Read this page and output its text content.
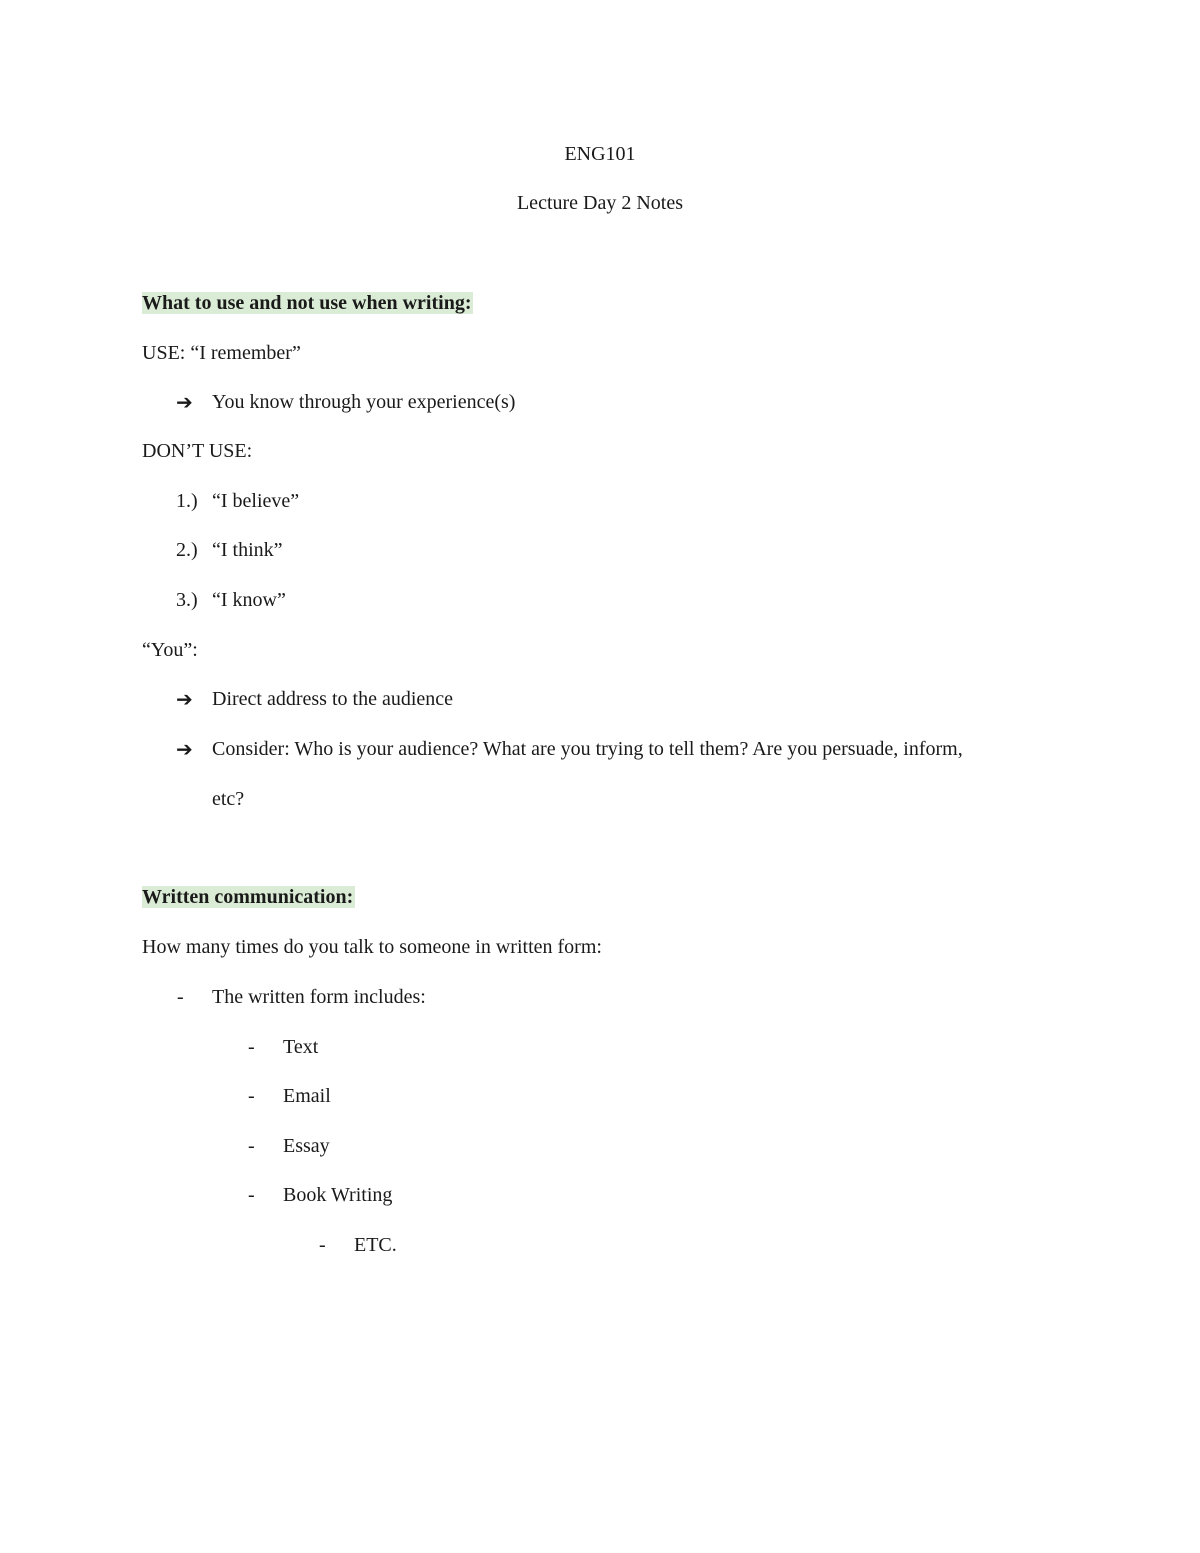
ENG101
Lecture Day 2 Notes
What to use and not use when writing:
USE: “I remember”
➔ You know through your experience(s)
DON’T USE:
1.) “I believe”
2.) “I think”
3.) “I know”
“You”:
➔ Direct address to the audience
➔ Consider: Who is your audience? What are you trying to tell them? Are you persuade, inform,
etc?
Written communication:
How many times do you talk to someone in written form:
- The written form includes:
- Text
- Email
- Essay
- Book Writing
- ETC.
